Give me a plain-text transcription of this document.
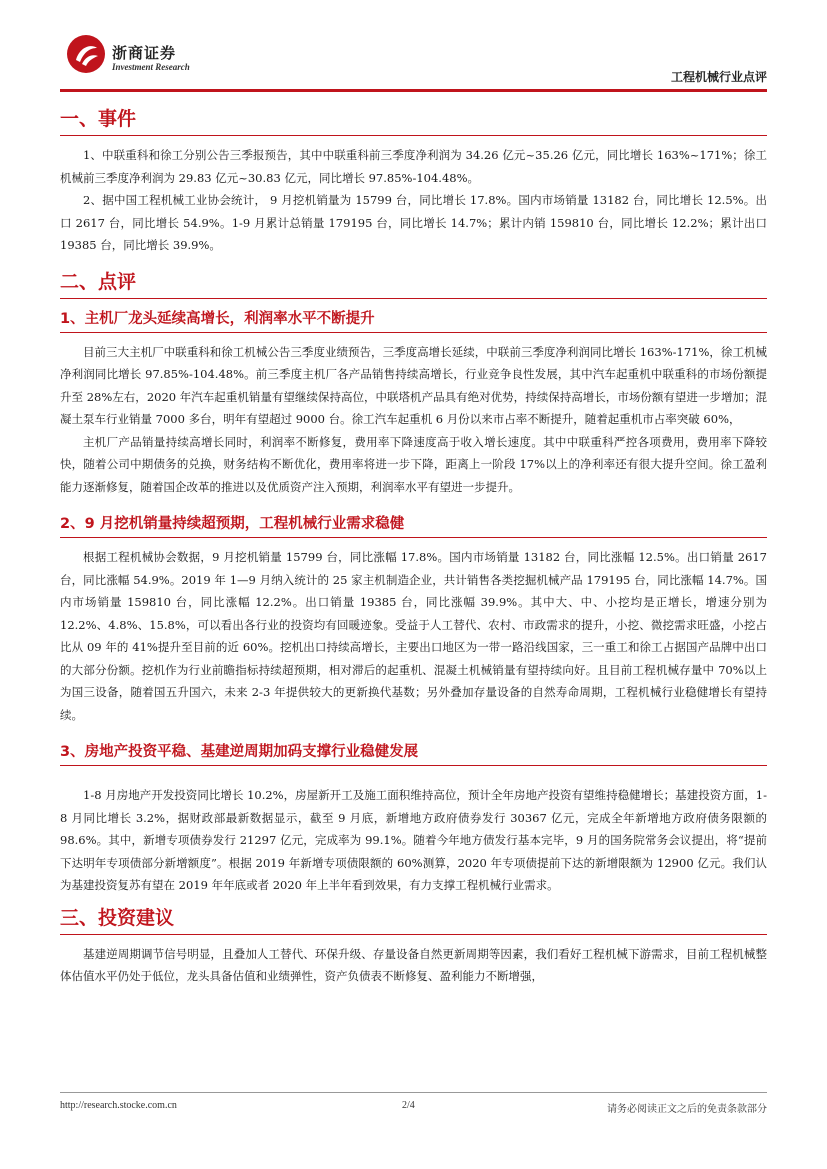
浙商证券
Investment Research
工程机械行业点评
一、事件

1、中联重科和徐工分别公告三季报预告，其中中联重科前三季度净利润为 34.26 亿元~35.26 亿元，同比增长 163%~171%；徐工机械前三季度净利润为 29.83 亿元~30.83 亿元，同比增长 97.85%-104.48%。

2、据中国工程机械工业协会统计， 9 月挖机销量为 15799 台，同比增长 17.8%。国内市场销量 13182 台，同比增长 12.5%。出口 2617 台，同比增长 54.9%。1-9 月累计总销量 179195 台，同比增长 14.7%；累计内销 159810 台，同比增长 12.2%；累计出口 19385 台，同比增长 39.9%。

二、点评
1、主机厂龙头延续高增长，利润率水平不断提升

目前三大主机厂中联重科和徐工机械公告三季度业绩预告，三季度高增长延续，中联前三季度净利润同比增长 163%-171%，徐工机械净利润同比增长 97.85%-104.48%。前三季度主机厂各产品销售持续高增长，行业竞争良性发展，其中汽车起重机中联重科的市场份额提升至 28%左右，2020 年汽车起重机销量有望继续保持高位，中联塔机产品具有绝对优势，持续保持高增长，市场份额有望进一步增加；混凝土泵车行业销量 7000 多台，明年有望超过 9000 台。徐工汽车起重机 6 月份以来市占率不断提升，随着起重机市占率突破 60%，

主机厂产品销量持续高增长同时，利润率不断修复，费用率下降速度高于收入增长速度。其中中联重科严控各项费用，费用率下降较快，随着公司中期债务的兑换，财务结构不断优化，费用率将进一步下降，距离上一阶段 17%以上的净利率还有很大提升空间。徐工盈利能力逐渐修复，随着国企改革的推进以及优质资产注入预期，利润率水平有望进一步提升。

2、9 月挖机销量持续超预期，工程机械行业需求稳健

根据工程机械协会数据，9 月挖机销量 15799 台，同比涨幅 17.8%。国内市场销量 13182 台，同比涨幅 12.5%。出口销量 2617 台，同比涨幅 54.9%。2019 年 1—9 月纳入统计的 25 家主机制造企业，共计销售各类挖掘机械产品 179195 台，同比涨幅 14.7%。国内市场销量 159810 台，同比涨幅 12.2%。出口销量 19385 台，同比涨幅 39.9%。其中大、中、小挖均是正增长，增速分别为 12.2%、4.8%、15.8%，可以看出各行业的投资均有回暖迹象。受益于人工替代、农村、市政需求的提升，小挖、微挖需求旺盛，小挖占比从 09 年的 41%提升至目前的近 60%。挖机出口持续高增长，主要出口地区为一带一路沿线国家，三一重工和徐工占据国产品牌中出口的大部分份额。挖机作为行业前瞻指标持续超预期，相对滞后的起重机、混凝土机械销量有望持续向好。且目前工程机械存量中 70%以上为国三设备，随着国五升国六，未来 2-3 年提供较大的更新换代基数；另外叠加存量设备的自然寿命周期，工程机械行业稳健增长有望持续。

3、房地产投资平稳、基建逆周期加码支撑行业稳健发展

1-8 月房地产开发投资同比增长 10.2%，房屋新开工及施工面积维持高位，预计全年房地产投资有望维持稳健增长；基建投资方面，1-8 月同比增长 3.2%，据财政部最新数据显示，截至 9 月底，新增地方政府债券发行 30367 亿元，完成全年新增地方政府债务限额的 98.6%。其中，新增专项债券发行 21297 亿元，完成率为 99.1%。随着今年地方债发行基本完毕，9 月的国务院常务会议提出，将“提前下达明年专项债部分新增额度”。根据 2019 年新增专项债限额的 60%测算，2020 年专项债提前下达的新增限额为 12900 亿元。我们认为基建投资复苏有望在 2019 年年底或者 2020 年上半年看到效果，有力支撑工程机械行业需求。

三、投资建议

基建逆周期调节信号明显，且叠加人工替代、环保升级、存量设备自然更新周期等因素，我们看好工程机械下游需求，目前工程机械整体估值水平仍处于低位，龙头具备估值和业绩弹性，资产负债表不断修复、盈利能力不断增强，

http://research.stocke.com.cn	2/4	请务必阅读正文之后的免责条款部分
